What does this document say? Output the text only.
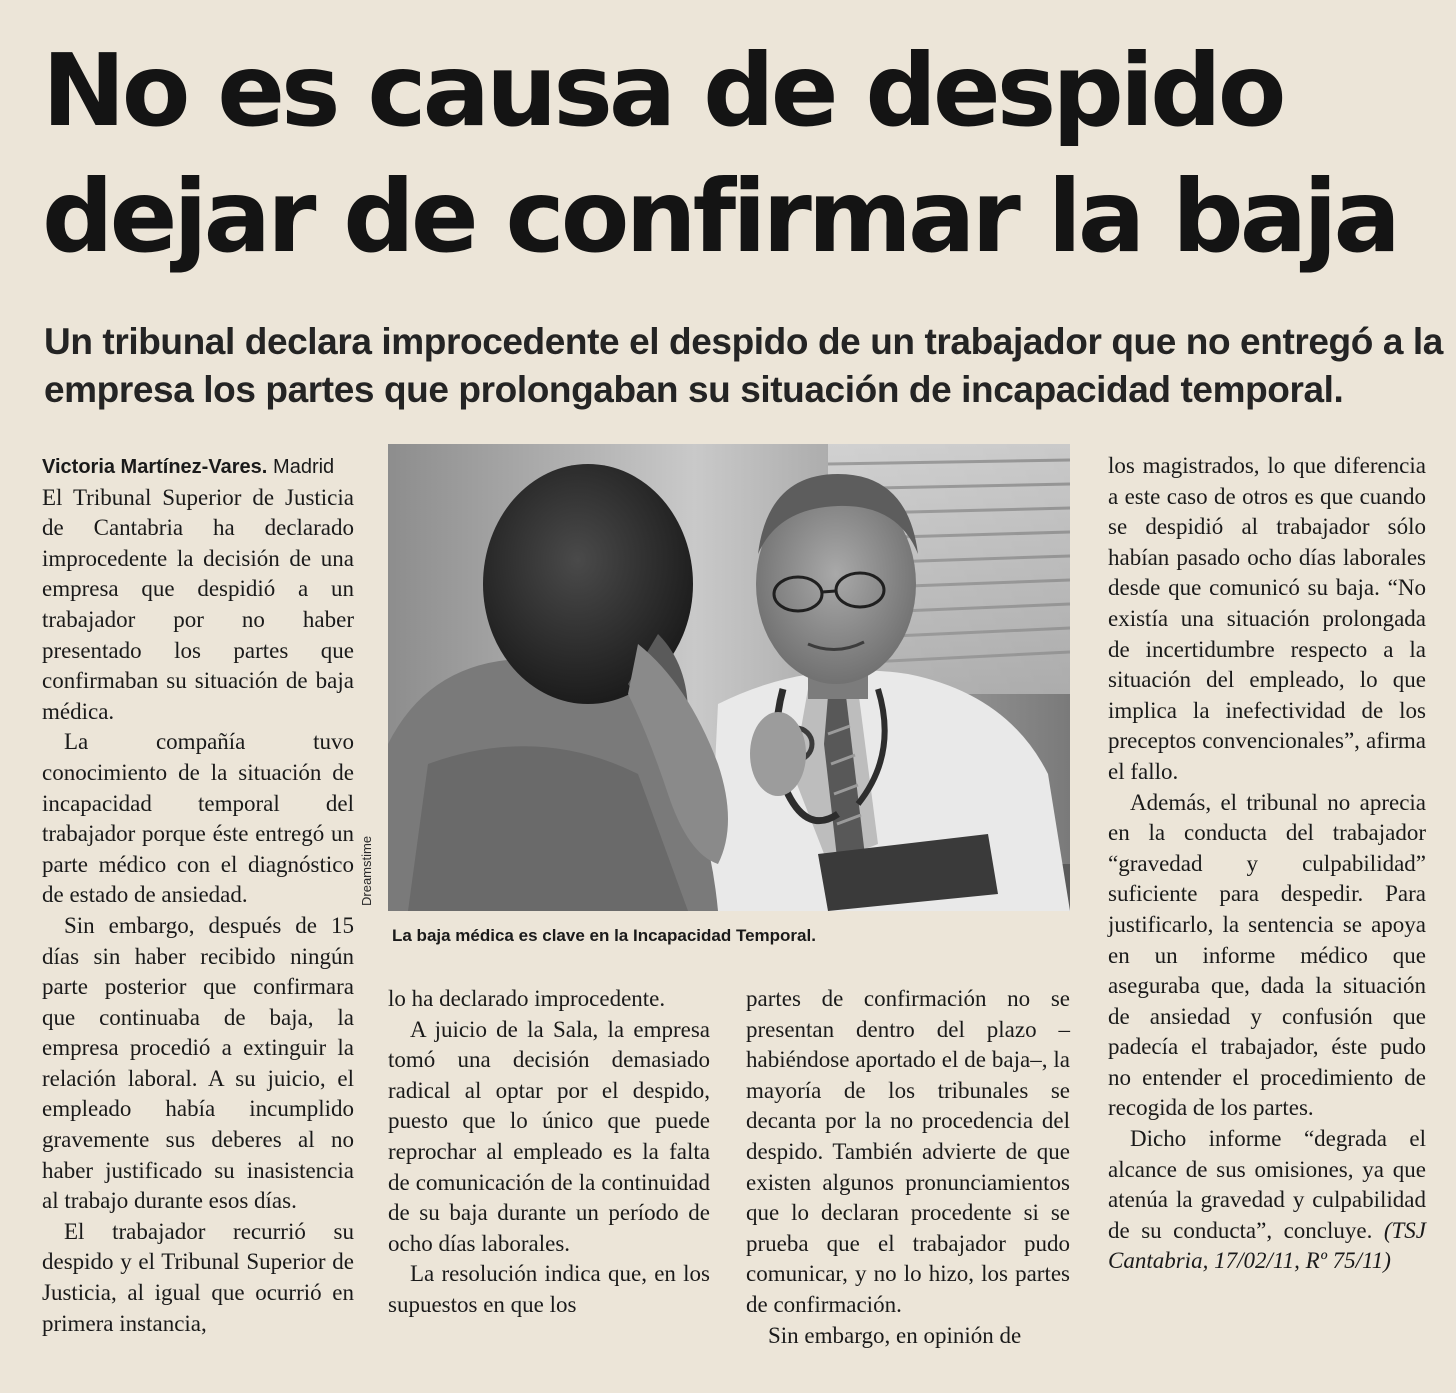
No es causa de despido
dejar de confirmar la baja
Un tribunal declara improcedente el despido de un trabajador que no entregó a la
empresa los partes que prolongaban su situación de incapacidad temporal.

Victoria Martínez-Vares. Madrid

El Tribunal Superior de Justicia de Cantabria ha declarado improcedente la decisión de una empresa que despidió a un trabajador por no haber presentado los partes que confirmaban su situación de baja médica.

La compañía tuvo conocimiento de la situación de incapacidad temporal del trabajador porque éste entregó un parte médico con el diagnóstico de estado de ansiedad.

Sin embargo, después de 15 días sin haber recibido ningún parte posterior que confirmara que continuaba de baja, la empresa procedió a extinguir la relación laboral. A su juicio, el empleado había incumplido gravemente sus deberes al no haber justificado su inasistencia al trabajo durante esos días.

El trabajador recurrió su despido y el Tribunal Superior de Justicia, al igual que ocurrió en primera instancia,

Dreamstime
La baja médica es clave en la Incapacidad Temporal.

lo ha declarado improcedente.

A juicio de la Sala, la empresa tomó una decisión demasiado radical al optar por el despido, puesto que lo único que puede reprochar al empleado es la falta de comunicación de la continuidad de su baja durante un período de ocho días laborales.

La resolución indica que, en los supuestos en que los

partes de confirmación no se presentan dentro del plazo –habiéndose aportado el de baja–, la mayoría de los tribunales se decanta por la no procedencia del despido. También advierte de que existen algunos pronunciamientos que lo declaran procedente si se prueba que el trabajador pudo comunicar, y no lo hizo, los partes de confirmación.

Sin embargo, en opinión de

los magistrados, lo que diferencia a este caso de otros es que cuando se despidió al trabajador sólo habían pasado ocho días laborales desde que comunicó su baja. “No existía una situación prolongada de incertidumbre respecto a la situación del empleado, lo que implica la inefectividad de los preceptos convencionales”, afirma el fallo.

Además, el tribunal no aprecia en la conducta del trabajador “gravedad y culpabilidad” suficiente para despedir. Para justificarlo, la sentencia se apoya en un informe médico que aseguraba que, dada la situación de ansiedad y confusión que padecía el trabajador, éste pudo no entender el procedimiento de recogida de los partes.

Dicho informe “degrada el alcance de sus omisiones, ya que atenúa la gravedad y culpabilidad de su conducta”, concluye. (TSJ Cantabria, 17/02/11, Rº 75/11)
